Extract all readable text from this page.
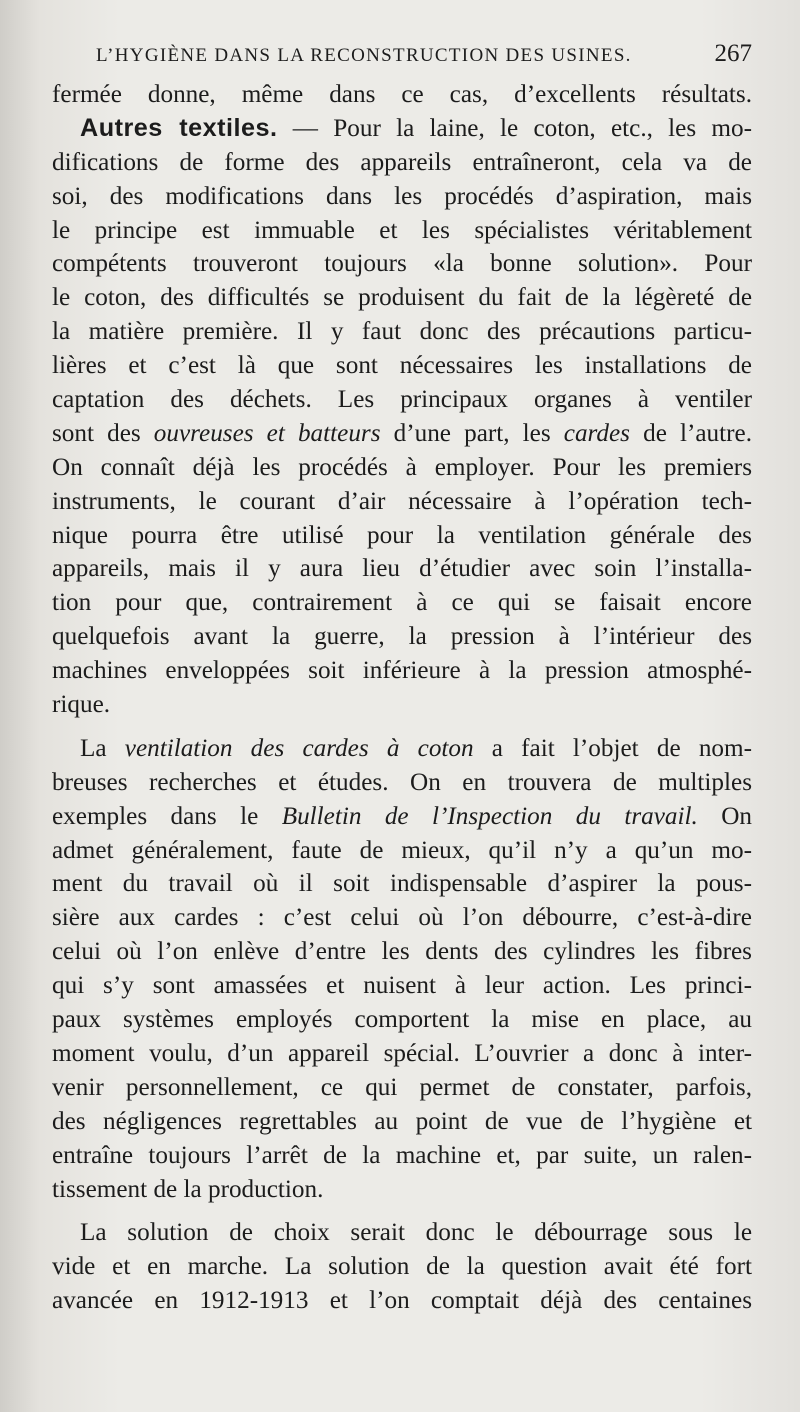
L’HYGIÈNE DANS LA RECONSTRUCTION DES USINES.	267
fermée donne, même dans ce cas, d’excellents résultats.
Autres textiles. — Pour la laine, le coton, etc., les mo-
difications de forme des appareils entraîneront, cela va de
soi, des modifications dans les procédés d’aspiration, mais
le principe est immuable et les spécialistes véritablement
compétents trouveront toujours «la bonne solution». Pour
le coton, des difficultés se produisent du fait de la légèreté de
la matière première. Il y faut donc des précautions particu-
lières et c’est là que sont nécessaires les installations de
captation des déchets. Les principaux organes à ventiler
sont des ouvreuses et batteurs d’une part, les cardes de l’autre.
On connaît déjà les procédés à employer. Pour les premiers
instruments, le courant d’air nécessaire à l’opération tech-
nique pourra être utilisé pour la ventilation générale des
appareils, mais il y aura lieu d’étudier avec soin l’installa-
tion pour que, contrairement à ce qui se faisait encore
quelquefois avant la guerre, la pression à l’intérieur des
machines enveloppées soit inférieure à la pression atmosphé-
rique.
La ventilation des cardes à coton a fait l’objet de nom-
breuses recherches et études. On en trouvera de multiples
exemples dans le Bulletin de l’Inspection du travail. On
admet généralement, faute de mieux, qu’il n’y a qu’un mo-
ment du travail où il soit indispensable d’aspirer la pous-
sière aux cardes : c’est celui où l’on débourre, c’est-à-dire
celui où l’on enlève d’entre les dents des cylindres les fibres
qui s’y sont amassées et nuisent à leur action. Les princi-
paux systèmes employés comportent la mise en place, au
moment voulu, d’un appareil spécial. L’ouvrier a donc à inter-
venir personnellement, ce qui permet de constater, parfois,
des négligences regrettables au point de vue de l’hygiène et
entraîne toujours l’arrêt de la machine et, par suite, un ralen-
tissement de la production.
La solution de choix serait donc le débourrage sous le
vide et en marche. La solution de la question avait été fort
avancée en 1912-1913 et l’on comptait déjà des centaines
